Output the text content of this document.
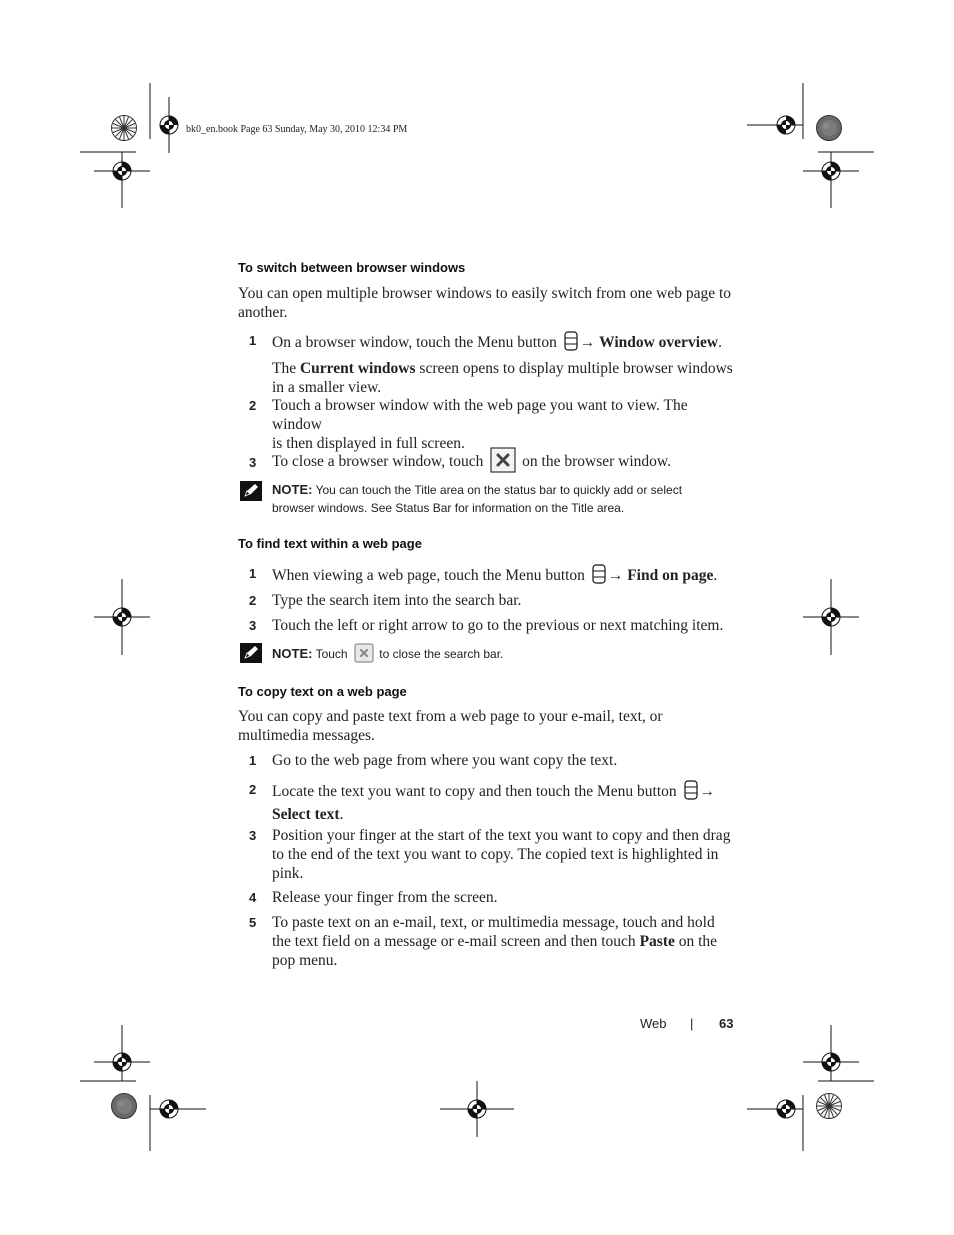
bk0_en.book Page 63 Sunday, May 30, 2010 12:34 PM
To switch between browser windows
You can open multiple browser windows to easily switch from one web page to
another.
1	On a browser window, touch the Menu button → Window overview.
The Current windows screen opens to display multiple browser windows
in a smaller view.
2	Touch a browser window with the web page you want to view. The window
is then displayed in full screen.
3	To close a browser window, touch	on the browser window.
NOTE: You can touch the Title area on the status bar to quickly add or select
browser windows. See Status Bar for information on the Title area.
To find text within a web page
1	When viewing a web page, touch the Menu button → Find on page.
2	Type the search item into the search bar.
3	Touch the left or right arrow to go to the previous or next matching item.
NOTE: Touch	to close the search bar.
To copy text on a web page
You can copy and paste text from a web page to your e-mail, text, or
multimedia messages.
1	Go to the web page from where you want copy the text.
2	Locate the text you want to copy and then touch the Menu button →
Select text.
3	Position your finger at the start of the text you want to copy and then drag
to the end of the text you want to copy. The copied text is highlighted in
pink.
4	Release your finger from the screen.
5	To paste text on an e-mail, text, or multimedia message, touch and hold
the text field on a message or e-mail screen and then touch Paste on the
pop menu.
Web | 63
